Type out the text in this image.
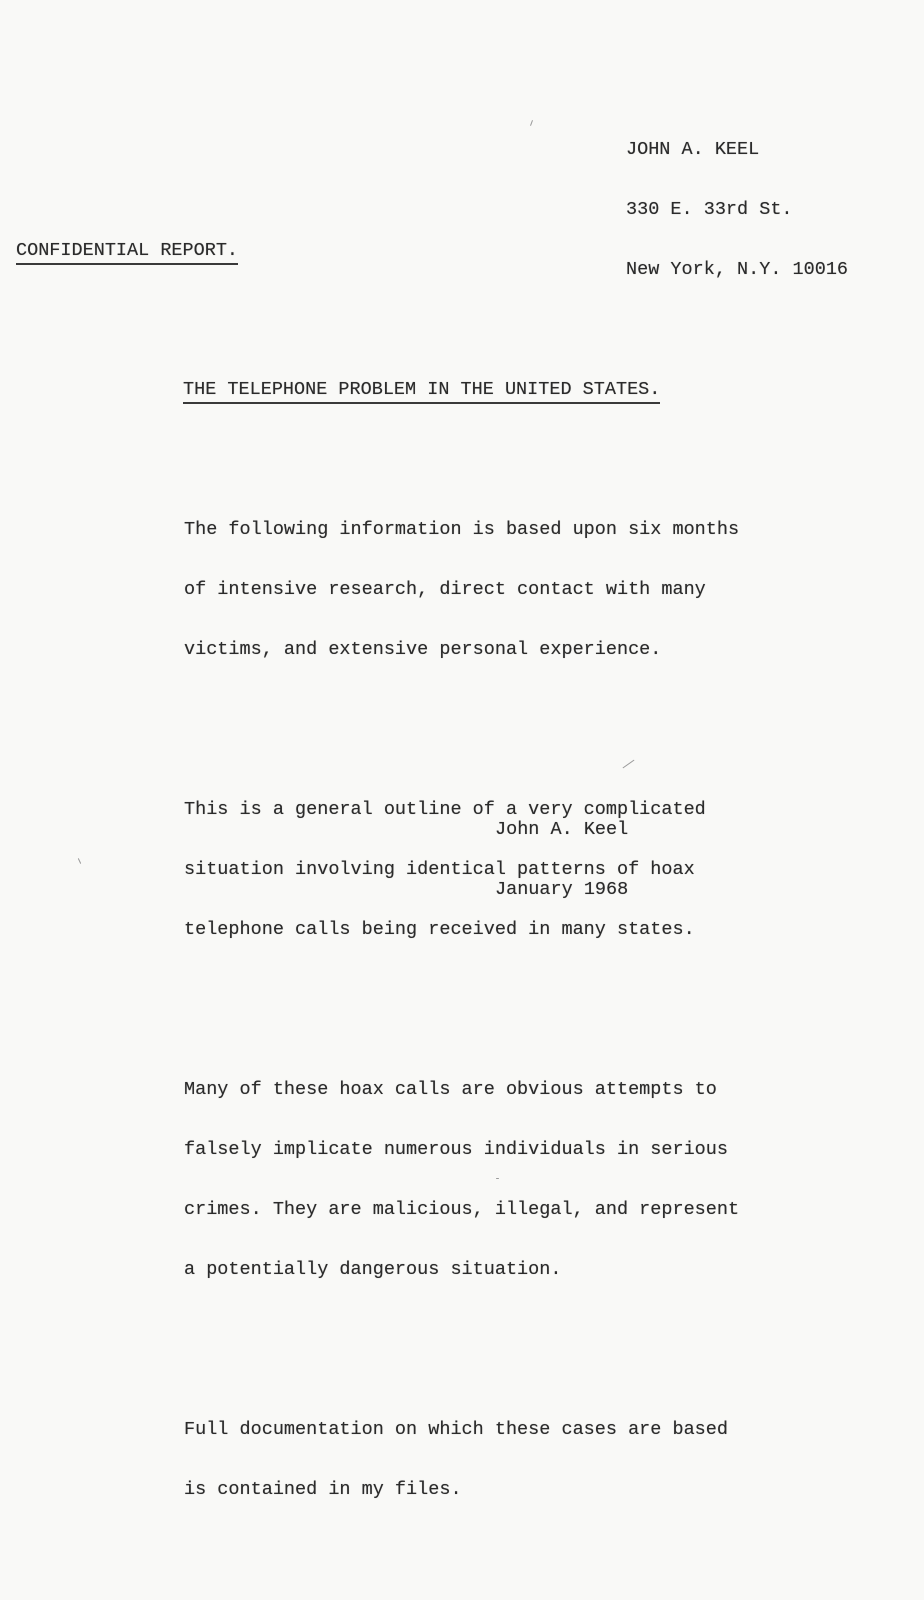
JOHN A. KEEL

330 E. 33rd St.

New York, N.Y. 10016

CONFIDENTIAL REPORT.
THE TELEPHONE PROBLEM IN THE UNITED STATES.

The following information is based upon six months

of intensive research, direct contact with many

victims, and extensive personal experience.

This is a general outline of a very complicated

situation involving identical patterns of hoax

telephone calls being received in many states.

Many of these hoax calls are obvious attempts to

falsely implicate numerous individuals in serious

crimes. They are malicious, illegal, and represent

a potentially dangerous situation.

Full documentation on which these cases are based

is contained in my files.

John A. Keel

January 1968
